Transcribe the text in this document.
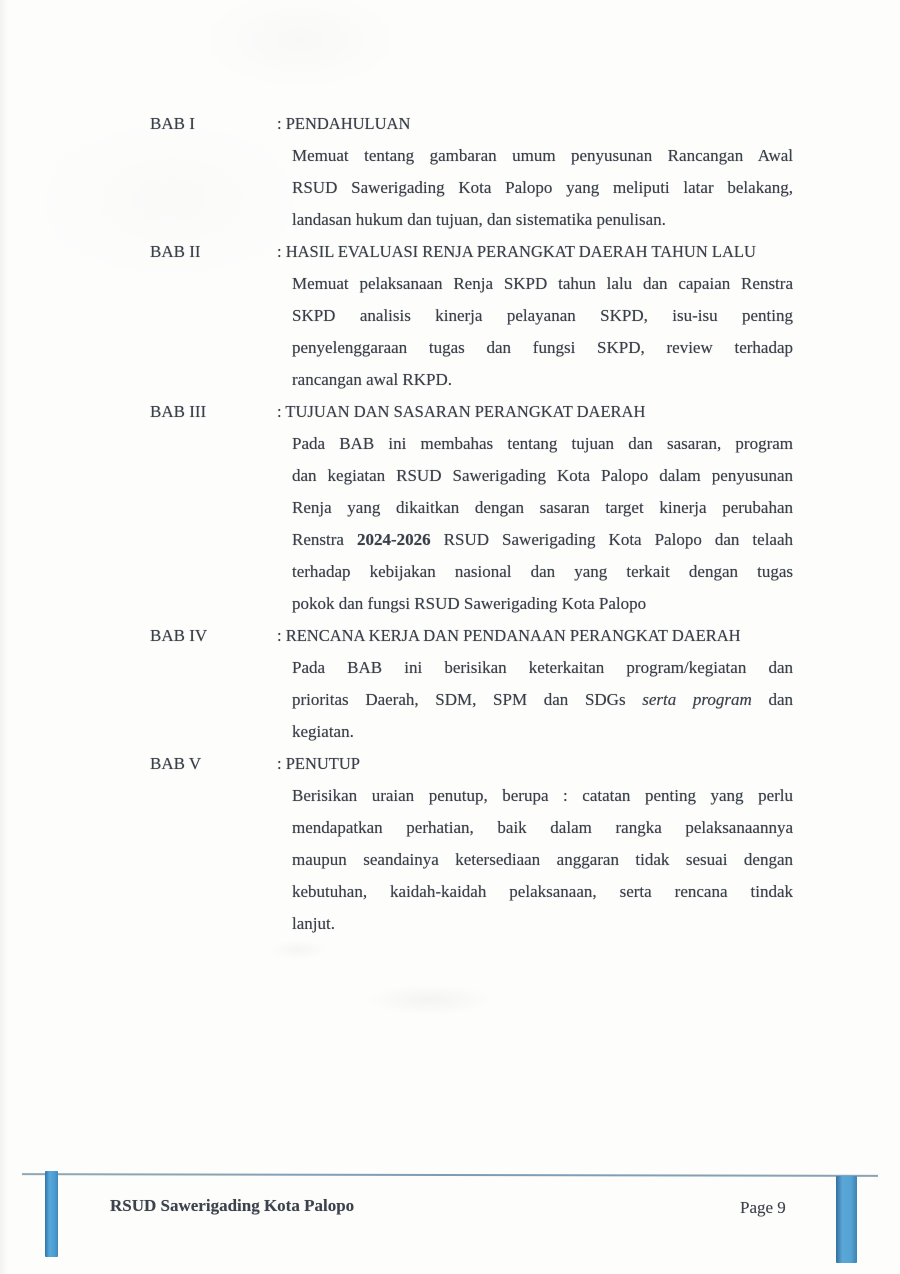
BAB I	: PENDAHULUAN
Memuat tentang gambaran umum penyusunan Rancangan Awal
RSUD Sawerigading Kota Palopo yang meliputi latar belakang,
landasan hukum dan tujuan, dan sistematika penulisan.
BAB II	: HASIL EVALUASI RENJA PERANGKAT DAERAH TAHUN LALU
Memuat pelaksanaan Renja SKPD tahun lalu dan capaian Renstra
SKPD analisis kinerja pelayanan SKPD, isu-isu penting
penyelenggaraan tugas dan fungsi SKPD, review terhadap
rancangan awal RKPD.
BAB III	: TUJUAN DAN SASARAN PERANGKAT DAERAH
Pada BAB ini membahas tentang tujuan dan sasaran, program
dan kegiatan RSUD Sawerigading Kota Palopo dalam penyusunan
Renja yang dikaitkan dengan sasaran target kinerja perubahan
Renstra 2024-2026 RSUD Sawerigading Kota Palopo dan telaah
terhadap kebijakan nasional dan yang terkait dengan tugas
pokok dan fungsi RSUD Sawerigading Kota Palopo
BAB IV	: RENCANA KERJA DAN PENDANAAN PERANGKAT DAERAH
Pada BAB ini berisikan keterkaitan program/kegiatan dan
prioritas Daerah, SDM, SPM dan SDGs serta program dan
kegiatan.
BAB V	: PENUTUP
Berisikan uraian penutup, berupa : catatan penting yang perlu
mendapatkan perhatian, baik dalam rangka pelaksanaannya
maupun seandainya ketersediaan anggaran tidak sesuai dengan
kebutuhan, kaidah-kaidah pelaksanaan, serta rencana tindak
lanjut.
RSUD Sawerigading Kota Palopo	Page 9
